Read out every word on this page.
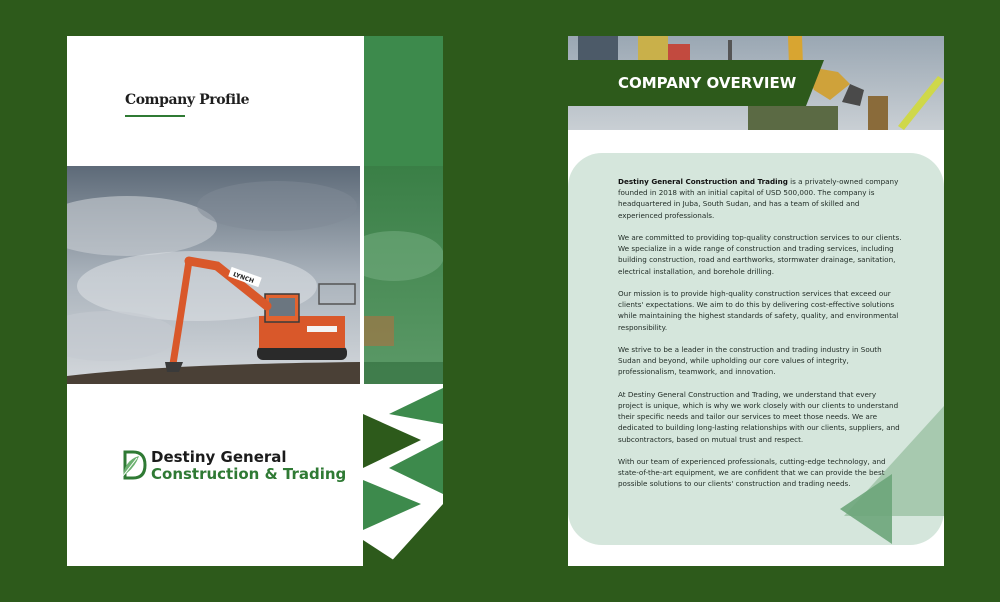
Company Profile
LYNCH
Destiny General
Construction & Trading
COMPANY OVERVIEW

Destiny General Construction and Trading is a privately-owned company founded in 2018 with an initial capital of USD 500,000. The company is headquartered in Juba, South Sudan, and has a team of skilled and experienced professionals.

We are committed to providing top-quality construction services to our clients. We specialize in a wide range of construction and trading services, including building construction, road and earthworks, stormwater drainage, sanitation, electrical installation, and borehole drilling.

Our mission is to provide high-quality construction services that exceed our clients' expectations. We aim to do this by delivering cost-effective solutions while maintaining the highest standards of safety, quality, and environmental responsibility.

We strive to be a leader in the construction and trading industry in South Sudan and beyond, while upholding our core values of integrity, professionalism, teamwork, and innovation.

At Destiny General Construction and Trading, we understand that every project is unique, which is why we work closely with our clients to understand their specific needs and tailor our services to meet those needs. We are dedicated to building long-lasting relationships with our clients, suppliers, and subcontractors, based on mutual trust and respect.

With our team of experienced professionals, cutting-edge technology, and state-of-the-art equipment, we are confident that we can provide the best possible solutions to our clients' construction and trading needs.
